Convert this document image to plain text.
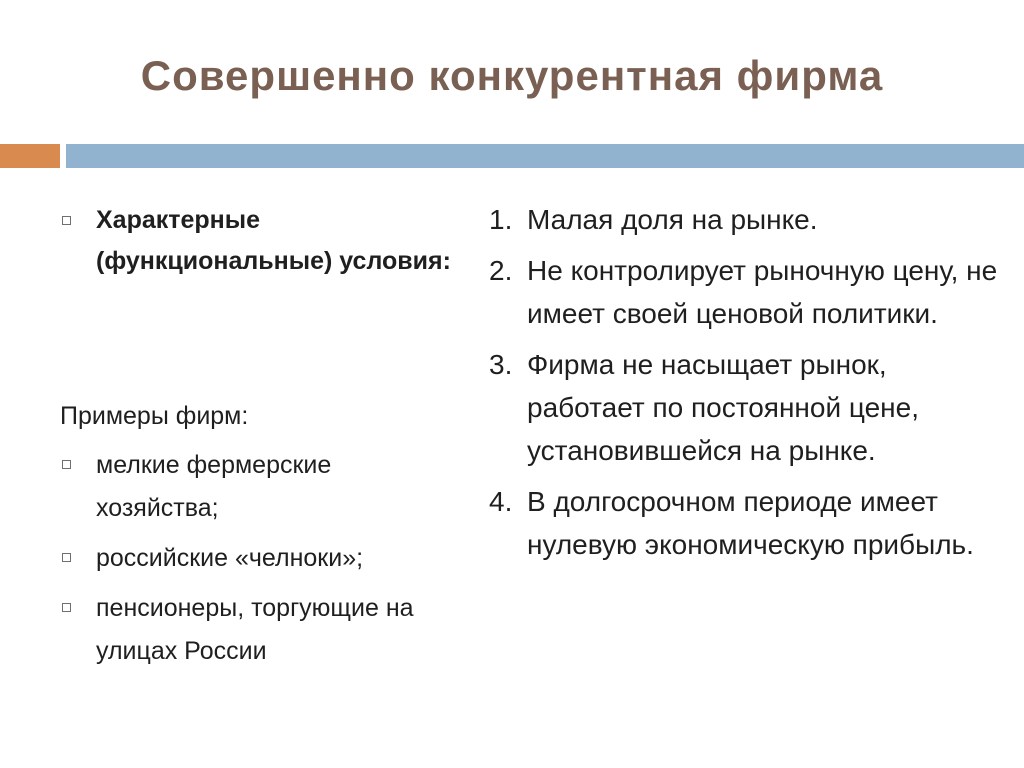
Совершенно конкурентная фирма
Характерные (функциональные) условия:
Примеры фирм:
мелкие фермерские хозяйства;
российские «челноки»;
пенсионеры, торгующие на улицах России
1. Малая доля на рынке.
2. Не контролирует рыночную цену, не имеет своей ценовой политики.
3. Фирма не насыщает рынок, работает по постоянной цене, установившейся на рынке.
4. В долгосрочном периоде имеет нулевую экономическую прибыль.
